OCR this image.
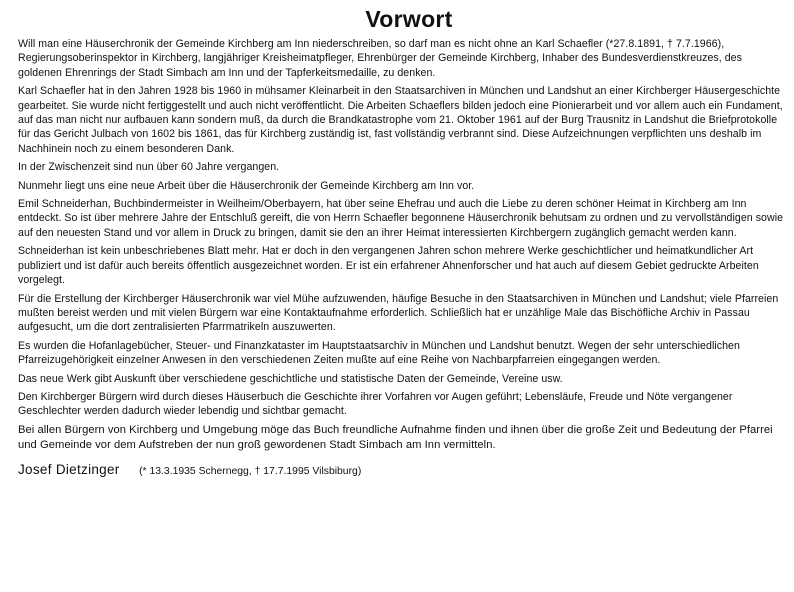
Vorwort

Will man eine Häuserchronik der Gemeinde Kirchberg am Inn niederschreiben, so darf man es nicht ohne an Karl Schaefler (*27.8.1891, † 7.7.1966), Regierungsoberinspektor in Kirchberg, langjähriger Kreisheimatpfleger, Ehrenbürger der Gemeinde Kirchberg, Inhaber des Bundesverdienstkreuzes, des goldenen Ehrenrings der Stadt Simbach am Inn und der Tapferkeitsmedaille, zu denken.

Karl Schaefler hat in den Jahren 1928 bis 1960 in mühsamer Kleinarbeit in den Staatsarchiven in München und Landshut an einer Kirchberger Häusergeschichte gearbeitet. Sie wurde nicht fertiggestellt und auch nicht veröffentlicht. Die Arbeiten Schaeflers bilden jedoch eine Pionierarbeit und vor allem auch ein Fundament, auf das man nicht nur aufbauen kann sondern muß, da durch die Brandkatastrophe vom 21. Oktober 1961 auf der Burg Trausnitz in Landshut die Briefprotokolle für das Gericht Julbach von 1602 bis 1861, das für Kirchberg zuständig ist, fast vollständig verbrannt sind. Diese Aufzeichnungen verpflichten uns deshalb im Nachhinein noch zu einem besonderen Dank.

In der Zwischenzeit sind nun über 60 Jahre vergangen.

Nunmehr liegt uns eine neue Arbeit über die Häuserchronik der Gemeinde Kirchberg am Inn vor.

Emil Schneiderhan, Buchbindermeister in Weilheim/Oberbayern, hat über seine Ehefrau und auch die Liebe zu deren schöner Heimat in Kirchberg am Inn entdeckt. So ist über mehrere Jahre der Entschluß gereift, die von Herrn Schaefler begonnene Häuserchronik behutsam zu ordnen und zu vervollständigen sowie auf den neuesten Stand und vor allem in Druck zu bringen, damit sie den an ihrer Heimat interessierten Kirchbergern zugänglich gemacht werden kann.

Schneiderhan ist kein unbeschriebenes Blatt mehr. Hat er doch in den vergangenen Jahren schon mehrere Werke geschichtlicher und heimatkundlicher Art publiziert und ist dafür auch bereits öffentlich ausgezeichnet worden. Er ist ein erfahrener Ahnenforscher und hat auch auf diesem Gebiet gedruckte Arbeiten vorgelegt.

Für die Erstellung der Kirchberger Häuserchronik war viel Mühe aufzuwenden, häufige Besuche in den Staatsarchiven in München und Landshut; viele Pfarreien mußten bereist werden und mit vielen Bürgern war eine Kontaktaufnahme erforderlich. Schließlich hat er unzählige Male das Bischöfliche Archiv in Passau aufgesucht, um die dort zentralisierten Pfarrmatrikeln auszuwerten.

Es wurden die Hofanlagebücher, Steuer- und Finanzkataster im Hauptstaatsarchiv in München und Landshut benutzt. Wegen der sehr unterschiedlichen Pfarreizugehörigkeit einzelner Anwesen in den verschiedenen Zeiten mußte auf eine Reihe von Nachbarpfarreien eingegangen werden.

Das neue Werk gibt Auskunft über verschiedene geschichtliche und statistische Daten der Gemeinde, Vereine usw.

Den Kirchberger Bürgern wird durch dieses Häuserbuch die Geschichte ihrer Vorfahren vor Augen geführt; Lebensläufe, Freude und Nöte vergangener Geschlechter werden dadurch wieder lebendig und sichtbar gemacht.

Bei allen Bürgern von Kirchberg und Umgebung möge das Buch freundliche Aufnahme finden und ihnen über die große Zeit und Bedeutung der Pfarrei und Gemeinde vor dem Aufstreben der nun groß gewordenen Stadt Simbach am Inn vermitteln.

Josef Dietzinger (* 13.3.1935 Schernegg, † 17.7.1995 Vilsbiburg)
